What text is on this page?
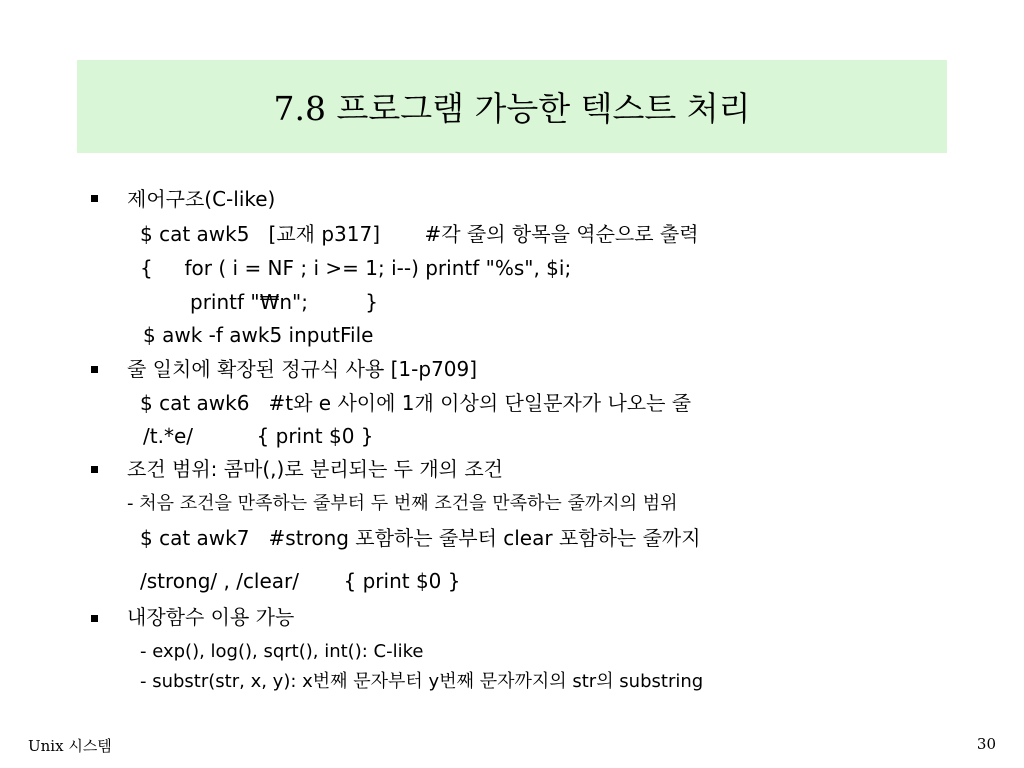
7.8 프로그램 가능한 텍스트 처리
제어구조(C-like)
$ cat awk5   [교재 p317]       #각 줄의 항목을 역순으로 출력
{     for ( i = NF ; i >= 1; i--) printf "%s", $i;
printf "₩n";         }
$ awk -f awk5 inputFile
줄 일치에 확장된 정규식 사용 [1-p709]
$ cat awk6   #t와 e 사이에 1개 이상의 단일문자가 나오는 줄
/t.*e/          { print $0 }
조건 범위: 콤마(,)로 분리되는 두 개의 조건
- 처음 조건을 만족하는 줄부터 두 번째 조건을 만족하는 줄까지의 범위
$ cat awk7   #strong 포함하는 줄부터 clear 포함하는 줄까지
/strong/ , /clear/       { print $0 }
내장함수 이용 가능
- exp(), log(), sqrt(), int(): C-like
- substr(str, x, y): x번째 문자부터 y번째 문자까지의 str의 substring
Unix 시스템	30
